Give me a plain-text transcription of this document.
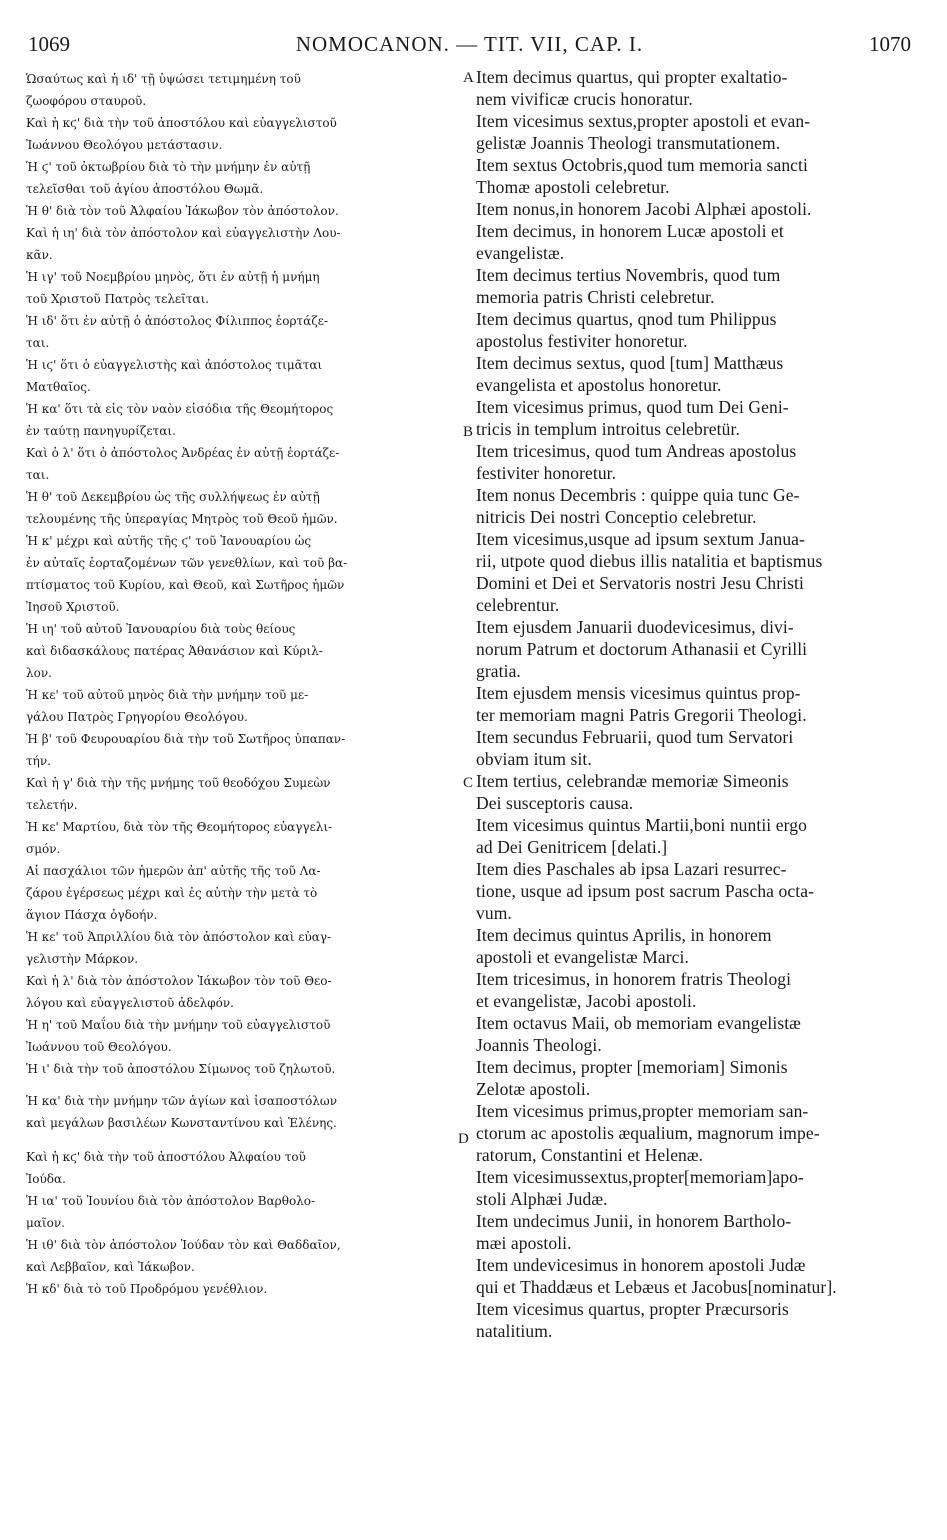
1069	NOMOCANON. — TIT. VII, CAP. I.	1070
Ὡσαύτως καὶ ἡ ιδ' τῇ ὑψώσει τετιμημένη τοῦ
ζωοφόρου σταυροῦ.
Καὶ ἡ κϛ' διὰ τὴν τοῦ ἀποστόλου καὶ εὐαγγελιστοῦ
Ἰωάννου Θεολόγου μετάστασιν.
Ἡ ϛ' τοῦ ὀκτωβρίου διὰ τὸ τὴν μνήμην ἐν αὐτῇ
τελεῖσθαι τοῦ ἁγίου ἀποστόλου Θωμᾶ.
Ἡ θ' διὰ τὸν τοῦ Ἀλφαίου Ἰάκωβον τὸν ἀπόστολον.
Καὶ ἡ ιη' διὰ τὸν ἀπόστολον καὶ εὐαγγελιστὴν Λου-
κᾶν.
Ἡ ιγ' τοῦ Νοεμβρίου μηνὸς, ὅτι ἐν αὐτῇ ἡ μνήμη
τοῦ Χριστοῦ Πατρὸς τελεῖται.
Ἡ ιδ' ὅτι ἐν αὐτῇ ὁ ἀπόστολος Φίλιππος ἑορτάζε-
ται.
Ἡ ιϛ' ὅτι ὁ εὐαγγελιστὴς καὶ ἀπόστολος τιμᾶται
Ματθαῖος.
Ἡ κα' ὅτι τὰ εἰς τὸν ναὸν εἰσόδια τῆς Θεομήτορος
ἐν ταύτῃ πανηγυρίζεται.
Καὶ ὁ λ' ὅτι ὁ ἀπόστολος Ἀνδρέας ἐν αὐτῇ ἑορτάζε-
ται.
Ἡ θ' τοῦ Δεκεμβρίου ὡς τῆς συλλήψεως ἐν αὐτῇ
τελουμένης τῆς ὑπεραγίας Μητρὸς τοῦ Θεοῦ ἡμῶν.
Ἡ κ' μέχρι καὶ αὐτῆς τῆς ϛ' τοῦ Ἰανουαρίου ὡς
ἐν αὐταῖς ἑορταζομένων τῶν γενεθλίων, καὶ τοῦ βα-
πτίσματος τοῦ Κυρίου, καὶ Θεοῦ, καὶ Σωτῆρος ἡμῶν
Ἰησοῦ Χριστοῦ.
Ἡ ιη' τοῦ αὐτοῦ Ἰανουαρίου διὰ τοὺς θείους
καὶ διδασκάλους πατέρας Ἀθανάσιον καὶ Κύριλ-
λον.
Ἡ κε' τοῦ αὐτοῦ μηνὸς διὰ τὴν μνήμην τοῦ με-
γάλου Πατρὸς Γρηγορίου Θεολόγου.
Ἡ β' τοῦ Φευρουαρίου διὰ τὴν τοῦ Σωτῆρος ὑπαπαν-
τήν.
Καὶ ἡ γ' διὰ τὴν τῆς μνήμης τοῦ θεοδόχου Συμεὼν
τελετήν.
Ἡ κε' Μαρτίου, διὰ τὸν τῆς Θεομήτορος εὐαγγελι-
σμόν.
Αἱ πασχάλιοι τῶν ἡμερῶν ἀπ' αὐτῆς τῆς τοῦ Λα-
ζάρου ἐγέρσεως μέχρι καὶ ἐς αὐτὴν τὴν μετὰ τὸ
ἅγιον Πάσχα ὀγδοήν.
Ἡ κε' τοῦ Ἀπριλλίου διὰ τὸν ἀπόστολον καὶ εὐαγ-
γελιστὴν Μάρκον.
Καὶ ἡ λ' διὰ τὸν ἀπόστολον Ἰάκωβον τὸν τοῦ Θεο-
λόγου καὶ εὐαγγελιστοῦ ἀδελφόν.
Ἡ η' τοῦ Μαΐου διὰ τὴν μνήμην τοῦ εὐαγγελιστοῦ
Ἰωάννου τοῦ Θεολόγου.
Ἡ ι' διὰ τὴν τοῦ ἀποστόλου Σίμωνος τοῦ ζηλωτοῦ.
Ἡ κα' διὰ τὴν μνήμην τῶν ἁγίων καὶ ἰσαποστόλων
καὶ μεγάλων βασιλέων Κωνσταντίνου καὶ Ἑλένης.
Καὶ ἡ κϛ' διὰ τὴν τοῦ ἀποστόλου Ἀλφαίου τοῦ
Ἰούδα.
Ἡ ια' τοῦ Ἰουνίου διὰ τὸν ἀπόστολον Βαρθολο-
μαῖον.
Ἡ ιθ' διὰ τὸν ἀπόστολον Ἰούδαν τὸν καὶ Θαδδαῖον,
καὶ Λεββαῖον, καὶ Ἰάκωβον.
Ἡ κδ' διὰ τὸ τοῦ Προδρόμου γενέθλιον.
Item decimus quartus, qui propter exaltatio-
nem vivificæ crucis honoratur.
Item vicesimus sextus,propter apostoli et evan-
gelistæ Joannis Theologi transmutationem.
Item sextus Octobris,quod tum memoria sancti
Thomæ apostoli celebretur.
Item nonus,in honorem Jacobi Alphæi apostoli.
Item decimus, in honorem Lucæ apostoli et
evangelistæ.
Item decimus tertius Novembris, quod tum
memoria patris Christi celebretur.
Item decimus quartus, qnod tum Philippus
apostolus festiviter honoretur.
Item decimus sextus, quod [tum] Matthæus
evangelista et apostolus honoretur.
Item vicesimus primus, quod tum Dei Geni-
tricis in templum introitus celebretür.
Item tricesimus, quod tum Andreas apostolus
festiviter honoretur.
Item nonus Decembris : quippe quia tunc Ge-
nitricis Dei nostri Conceptio celebretur.
Item vicesimus,usque ad ipsum sextum Janua-
rii, utpote quod diebus illis natalitia et baptismus
Domini et Dei et Servatoris nostri Jesu Christi
celebrentur.
Item ejusdem Januarii duodevicesimus, divi-
norum Patrum et doctorum Athanasii et Cyrilli
gratia.
Item ejusdem mensis vicesimus quintus prop-
ter memoriam magni Patris Gregorii Theologi.
Item secundus Februarii, quod tum Servatori
obviam itum sit.
Item tertius, celebrandæ memoriæ Simeonis
Dei susceptoris causa.
Item vicesimus quintus Martii,boni nuntii ergo
ad Dei Genitricem [delati.]
Item dies Paschales ab ipsa Lazari resurrec-
tione, usque ad ipsum post sacrum Pascha octa-
vum.
Item decimus quintus Aprilis, in honorem
apostoli et evangelistæ Marci.
Item tricesimus, in honorem fratris Theologi
et evangelistæ, Jacobi apostoli.
Item octavus Maii, ob memoriam evangelistæ
Joannis Theologi.
Item decimus, propter [memoriam] Simonis
Zelotæ apostoli.
Item vicesimus primus,propter memoriam san-
ctorum ac apostolis æqualium, magnorum impe-
ratorum, Constantini et Helenæ.
Item vicesimussextus,propter[memoriam]apo-
stoli Alphæi Judæ.
Item undecimus Junii, in honorem Bartholo-
mæi apostoli.
Item undevicesimus in honorem apostoli Judæ
qui et Thaddæus et Lebæus et Jacobus[nominatur].
Item vicesimus quartus, propter Præcursoris
natalitium.
A
B
C
D
